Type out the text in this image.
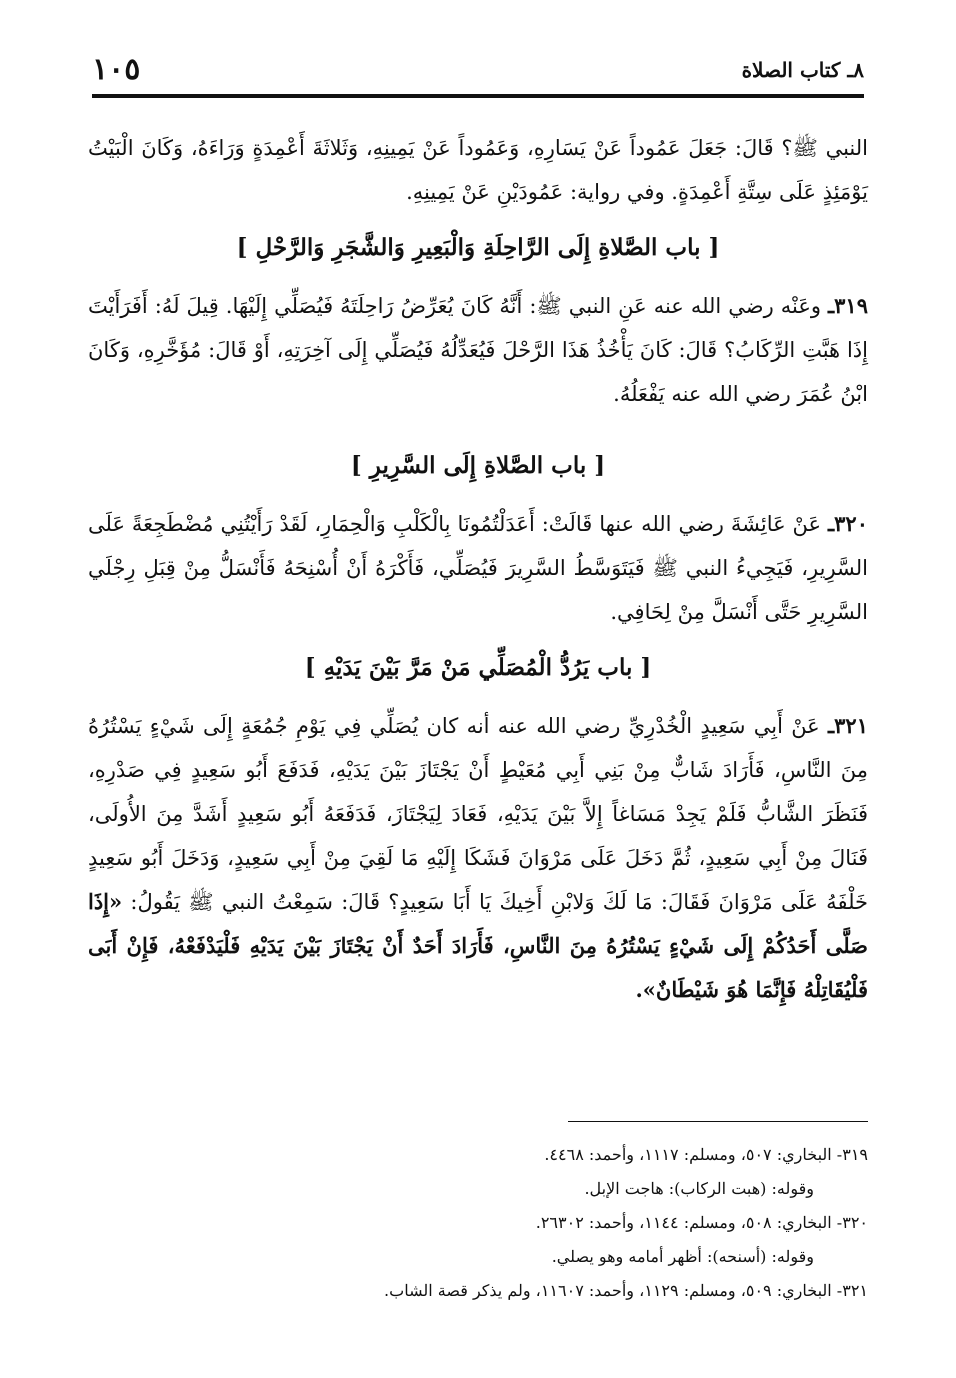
٨ـ كتاب الصلاة
١٠٥

النبي ﷺ؟ قَالَ: جَعَلَ عَمُوداً عَنْ يَسَارِهِ، وَعَمُوداً عَنْ يَمِينِهِ، وَثَلاثَةَ أَعْمِدَةٍ وَرَاءَهُ، وَكَانَ الْبَيْتُ يَوْمَئِذٍ عَلَى سِتَّةِ أَعْمِدَةٍ. وفي رواية: عَمُودَيْنِ عَنْ يَمِينِهِ.

[ باب الصَّلاةِ إِلَى الرَّاحِلَةِ وَالْبَعِيرِ وَالشَّجَرِ وَالرَّحْلِ ]

٣١٩ـ وعَنْه رضي الله عنه عَنِ النبي ﷺ: أَنَّهُ كَانَ يُعَرِّضُ رَاحِلَتَهُ فَيُصَلِّي إِلَيْهَا. قِيلَ لَهُ: أَفَرَأَيْتَ إِذَا هَبَّتِ الرِّكَابُ؟ قَالَ: كَانَ يَأْخُذُ هَذَا الرَّحْلَ فَيُعَدِّلُهُ فَيُصَلِّي إِلَى آخِرَتِهِ، أَوْ قَالَ: مُؤَخَّرِهِ، وَكَانَ ابْنُ عُمَرَ رضي الله عنه يَفْعَلُهُ.

[ باب الصَّلاةِ إِلَى السَّرِيرِ ]

٣٢٠ـ عَنْ عَائِشَةَ رضي الله عنها قَالَتْ: أَعَدَلْتُمُونَا بِالْكَلْبِ وَالْحِمَارِ، لَقَدْ رَأَيْتُنِي مُضْطَجِعَةً عَلَى السَّرِيرِ، فَيَجِيءُ النبي ﷺ فَيَتَوَسَّطُ السَّرِيرَ فَيُصَلِّي، فَأَكْرَهُ أَنْ أُسْنِحَهُ فَأَنْسَلُّ مِنْ قِبَلِ رِجْلَي السَّرِيرِ حَتَّى أَنْسَلَّ مِنْ لِحَافِي.

[ باب يَرُدُّ الْمُصَلِّي مَنْ مَرَّ بَيْنَ يَدَيْهِ ]

٣٢١ـ عَنْ أَبِي سَعِيدٍ الْخُدْرِيِّ رضي الله عنه أنه كان يُصَلِّي فِي يَوْمِ جُمُعَةٍ إِلَى شَيْءٍ يَسْتُرُهُ مِنَ النَّاسِ، فَأَرَادَ شَابٌّ مِنْ بَنِي أَبِي مُعَيْطٍ أَنْ يَجْتَازَ بَيْنَ يَدَيْهِ، فَدَفَعَ أَبُو سَعِيدٍ فِي صَدْرِهِ، فَنَظَرَ الشَّابُّ فَلَمْ يَجِدْ مَسَاغاً إِلاَّ بَيْنَ يَدَيْهِ، فَعَادَ لِيَجْتَازَ، فَدَفَعَهُ أَبُو سَعِيدٍ أَشَدَّ مِنَ الأُولَى، فَنَالَ مِنْ أَبِي سَعِيدٍ، ثُمَّ دَخَلَ عَلَى مَرْوَانَ فَشَكَا إِلَيْهِ مَا لَقِيَ مِنْ أَبِي سَعِيدٍ، وَدَخَلَ أَبُو سَعِيدٍ خَلْفَهُ عَلَى مَرْوَانَ فَقَالَ: مَا لَكَ وَلابْنِ أَخِيكَ يَا أَبَا سَعِيدٍ؟ قَالَ: سَمِعْتُ النبي ﷺ يَقُولُ: «إِذَا صَلَّى أَحَدُكُمْ إِلَى شَيْءٍ يَسْتُرُهُ مِنَ النَّاسِ، فَأَرَادَ أَحَدٌ أَنْ يَجْتَازَ بَيْنَ يَدَيْهِ فَلْيَدْفَعْهُ، فَإِنْ أَبَى فَلْيُقَاتِلْهُ فَإِنَّمَا هُوَ شَيْطَانٌ».

٣١٩- البخاري: ٥٠٧، ومسلم: ١١١٧، وأحمد: ٤٤٦٨.

وقوله: (هبت الركاب): هاجت الإبل.

٣٢٠- البخاري: ٥٠٨، ومسلم: ١١٤٤، وأحمد: ٢٦٣٠٢.

وقوله: (أسنحه): أظهر أمامه وهو يصلي.

٣٢١- البخاري: ٥٠٩، ومسلم: ١١٢٩، وأحمد: ١١٦٠٧، ولم يذكر قصة الشاب.
